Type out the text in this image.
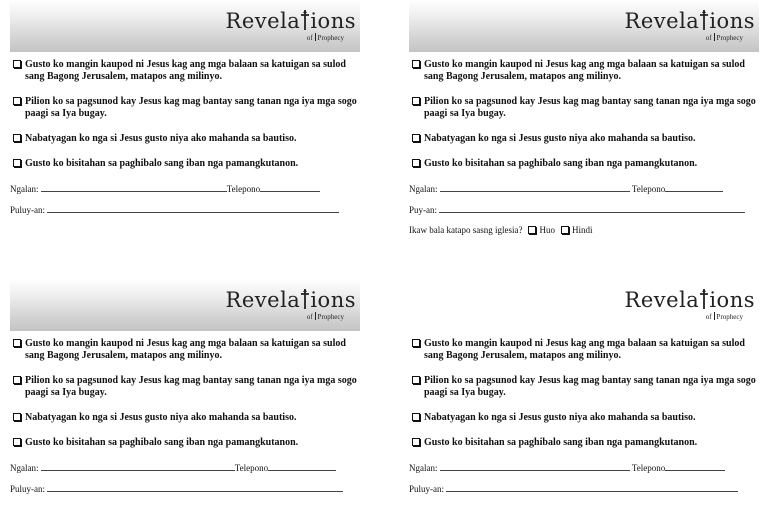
Revela ions
of Prophecy
Gusto ko mangin kaupod ni Jesus kag ang mga balaan sa katuigan sa sulod sang Bagong Jerusalem, matapos ang milinyo.
Pilion ko sa pagsunod kay Jesus kag mag bantay sang tanan nga iya mga sogo paagi sa Iya bugay.
Nabatyagan ko nga si Jesus gusto niya ako mahanda sa bautiso.
Gusto ko bisitahan sa paghibalo sang iban nga pamangkutanon.
Ngalan:	Telepono
Puluy-an:
Revela ions
of Prophecy
Gusto ko mangin kaupod ni Jesus kag ang mga balaan sa katuigan sa sulod sang Bagong Jerusalem, matapos ang milinyo.
Pilion ko sa pagsunod kay Jesus kag mag bantay sang tanan nga iya mga sogo paagi sa Iya bugay.
Nabatyagan ko nga si Jesus gusto niya ako mahanda sa bautiso.
Gusto ko bisitahan sa paghibalo sang iban nga pamangkutanon.
Ngalan:	Telepono
Puy-an:
Ikaw bala katapo sasng iglesia? Huo Hindi
Revela ions
of Prophecy
Gusto ko mangin kaupod ni Jesus kag ang mga balaan sa katuigan sa sulod sang Bagong Jerusalem, matapos ang milinyo.
Pilion ko sa pagsunod kay Jesus kag mag bantay sang tanan nga iya mga sogo paagi sa Iya bugay.
Nabatyagan ko nga si Jesus gusto niya ako mahanda sa bautiso.
Gusto ko bisitahan sa paghibalo sang iban nga pamangkutanon.
Ngalan:	Telepono
Puluy-an:
Revela ions
of Prophecy
Gusto ko mangin kaupod ni Jesus kag ang mga balaan sa katuigan sa sulod sang Bagong Jerusalem, matapos ang milinyo.
Pilion ko sa pagsunod kay Jesus kag mag bantay sang tanan nga iya mga sogo paagi sa Iya bugay.
Nabatyagan ko nga si Jesus gusto niya ako mahanda sa bautiso.
Gusto ko bisitahan sa paghibalo sang iban nga pamangkutanon.
Ngalan:	Telepono
Puluy-an:
